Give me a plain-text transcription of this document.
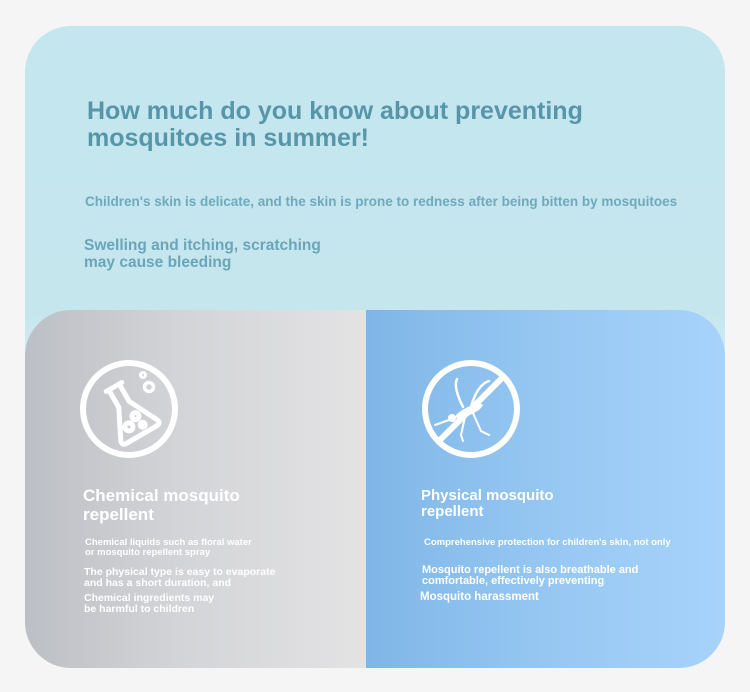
How much do you know about preventing
mosquitoes in summer!

Children's skin is delicate, and the skin is prone to redness after being bitten by mosquitoes

Swelling and itching, scratching
may cause bleeding

Chemical mosquito
repellent

Chemical liquids such as floral water
or mosquito repellent spray

The physical type is easy to evaporate
and has a short duration, and

Chemical ingredients may
be harmful to children

Physical mosquito
repellent

Comprehensive protection for children's skin, not only

Mosquito repellent is also breathable and
comfortable, effectively preventing

Mosquito harassment
